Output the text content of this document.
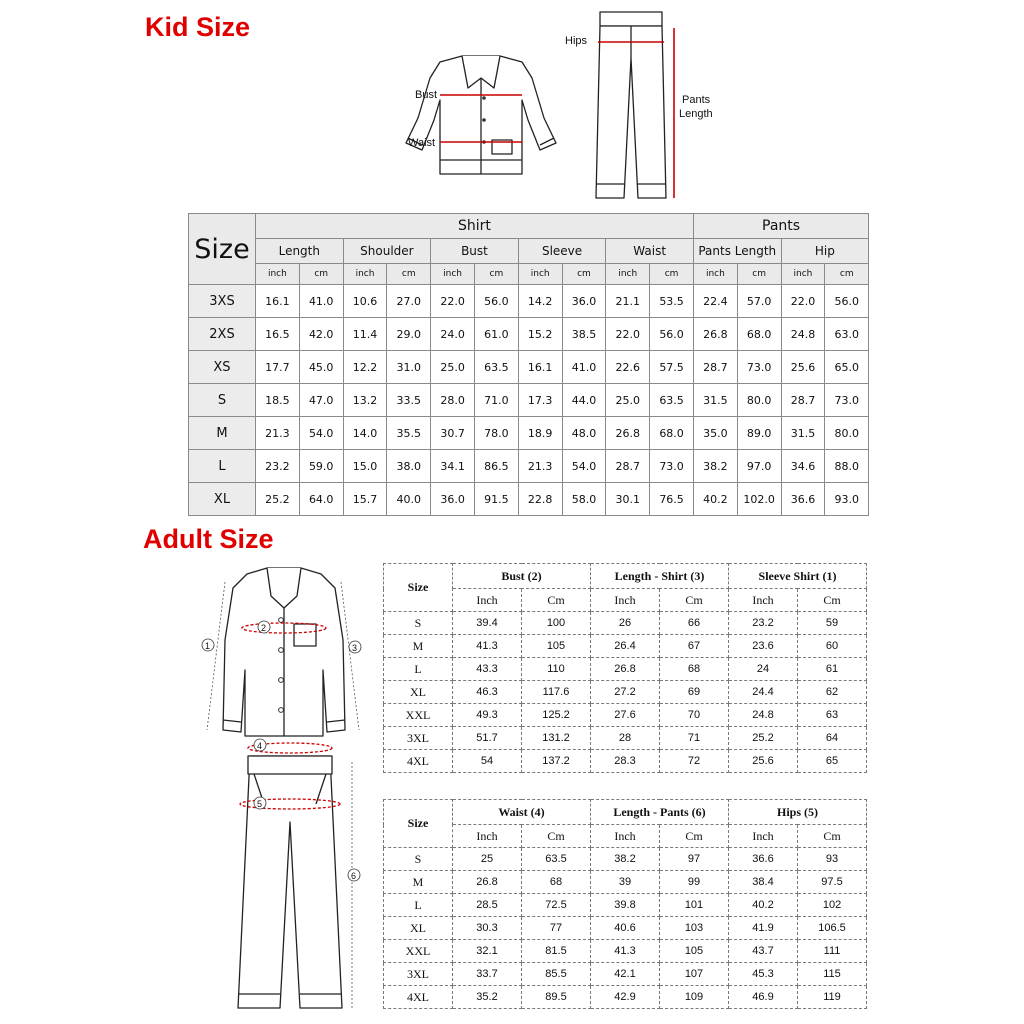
Kid Size
Bust
Waist
Hips
Pants
Length
Size	Shirt										Pants			
	Length		Shoulder		Bust		Sleeve		Waist		Pants Length		Hip	
	inch	cm	inch	cm	inch	cm	inch	cm	inch	cm	inch	cm	inch	cm
3XS	16.1	41.0	10.6	27.0	22.0	56.0	14.2	36.0	21.1	53.5	22.4	57.0	22.0	56.0
2XS	16.5	42.0	11.4	29.0	24.0	61.0	15.2	38.5	22.0	56.0	26.8	68.0	24.8	63.0
XS	17.7	45.0	12.2	31.0	25.0	63.5	16.1	41.0	22.6	57.5	28.7	73.0	25.6	65.0
S	18.5	47.0	13.2	33.5	28.0	71.0	17.3	44.0	25.0	63.5	31.5	80.0	28.7	73.0
M	21.3	54.0	14.0	35.5	30.7	78.0	18.9	48.0	26.8	68.0	35.0	89.0	31.5	80.0
L	23.2	59.0	15.0	38.0	34.1	86.5	21.3	54.0	28.7	73.0	38.2	97.0	34.6	88.0
XL	25.2	64.0	15.7	40.0	36.0	91.5	22.8	58.0	30.1	76.5	40.2	102.0	36.6	93.0
Adult Size
1
2
3
4
5
6
Size	Bust (2)		Length - Shirt (3)		Sleeve Shirt (1)	
	Inch	Cm	Inch	Cm	Inch	Cm
S	39.4	100	26	66	23.2	59
M	41.3	105	26.4	67	23.6	60
L	43.3	110	26.8	68	24	61
XL	46.3	117.6	27.2	69	24.4	62
XXL	49.3	125.2	27.6	70	24.8	63
3XL	51.7	131.2	28	71	25.2	64
4XL	54	137.2	28.3	72	25.6	65
Size	Waist (4)		Length - Pants (6)		Hips (5)	
	Inch	Cm	Inch	Cm	Inch	Cm
S	25	63.5	38.2	97	36.6	93
M	26.8	68	39	99	38.4	97.5
L	28.5	72.5	39.8	101	40.2	102
XL	30.3	77	40.6	103	41.9	106.5
XXL	32.1	81.5	41.3	105	43.7	111
3XL	33.7	85.5	42.1	107	45.3	115
4XL	35.2	89.5	42.9	109	46.9	119
